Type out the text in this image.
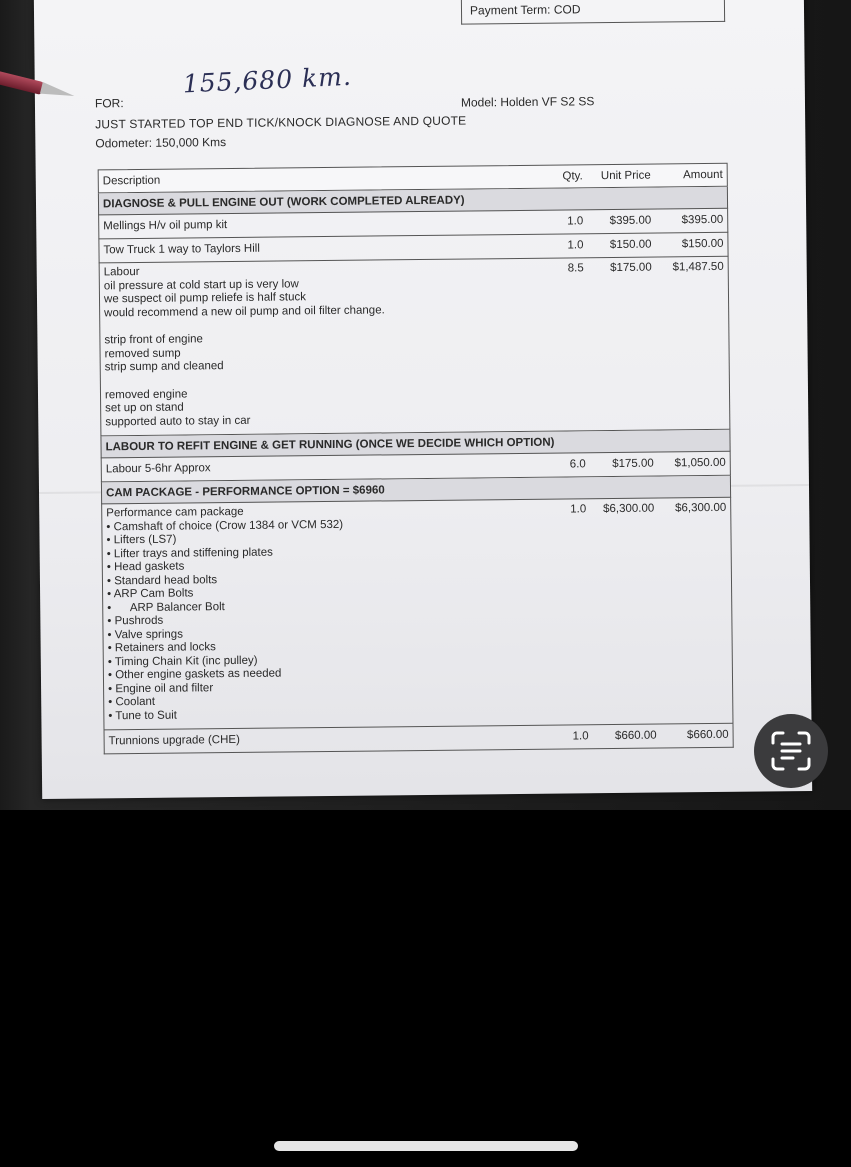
Payment Term: COD
155,680 km.
FOR:
JUST STARTED TOP END TICK/KNOCK DIAGNOSE AND QUOTE
Odometer: 150,000 Kms
Model: Holden VF S2 SS
Description	Qty.	Unit Price	Amount
DIAGNOSE & PULL ENGINE OUT (WORK COMPLETED ALREADY)
Mellings H/v oil pump kit	1.0	$395.00	$395.00
Tow Truck 1 way to Taylors Hill	1.0	$150.00	$150.00
Labour
oil pressure at cold start up is very low
we suspect oil pump reliefe is half stuck
would recommend a new oil pump and oil filter change.
strip front of engine
removed sump
strip sump and cleaned
removed engine
set up on stand
supported auto to stay in car
8.5	$175.00	$1,487.50
LABOUR TO REFIT ENGINE & GET RUNNING (ONCE WE DECIDE WHICH OPTION)
Labour 5-6hr Approx	6.0	$175.00	$1,050.00
CAM PACKAGE - PERFORMANCE OPTION = $6960
Performance cam package
• Camshaft of choice (Crow 1384 or VCM 532)
• Lifters (LS7)
• Lifter trays and stiffening plates
• Head gaskets
• Standard head bolts
• ARP Cam Bolts
•      ARP Balancer Bolt
• Pushrods
• Valve springs
• Retainers and locks
• Timing Chain Kit (inc pulley)
• Other engine gaskets as needed
• Engine oil and filter
• Coolant
• Tune to Suit
1.0	$6,300.00	$6,300.00
Trunnions upgrade (CHE)	1.0	$660.00	$660.00
